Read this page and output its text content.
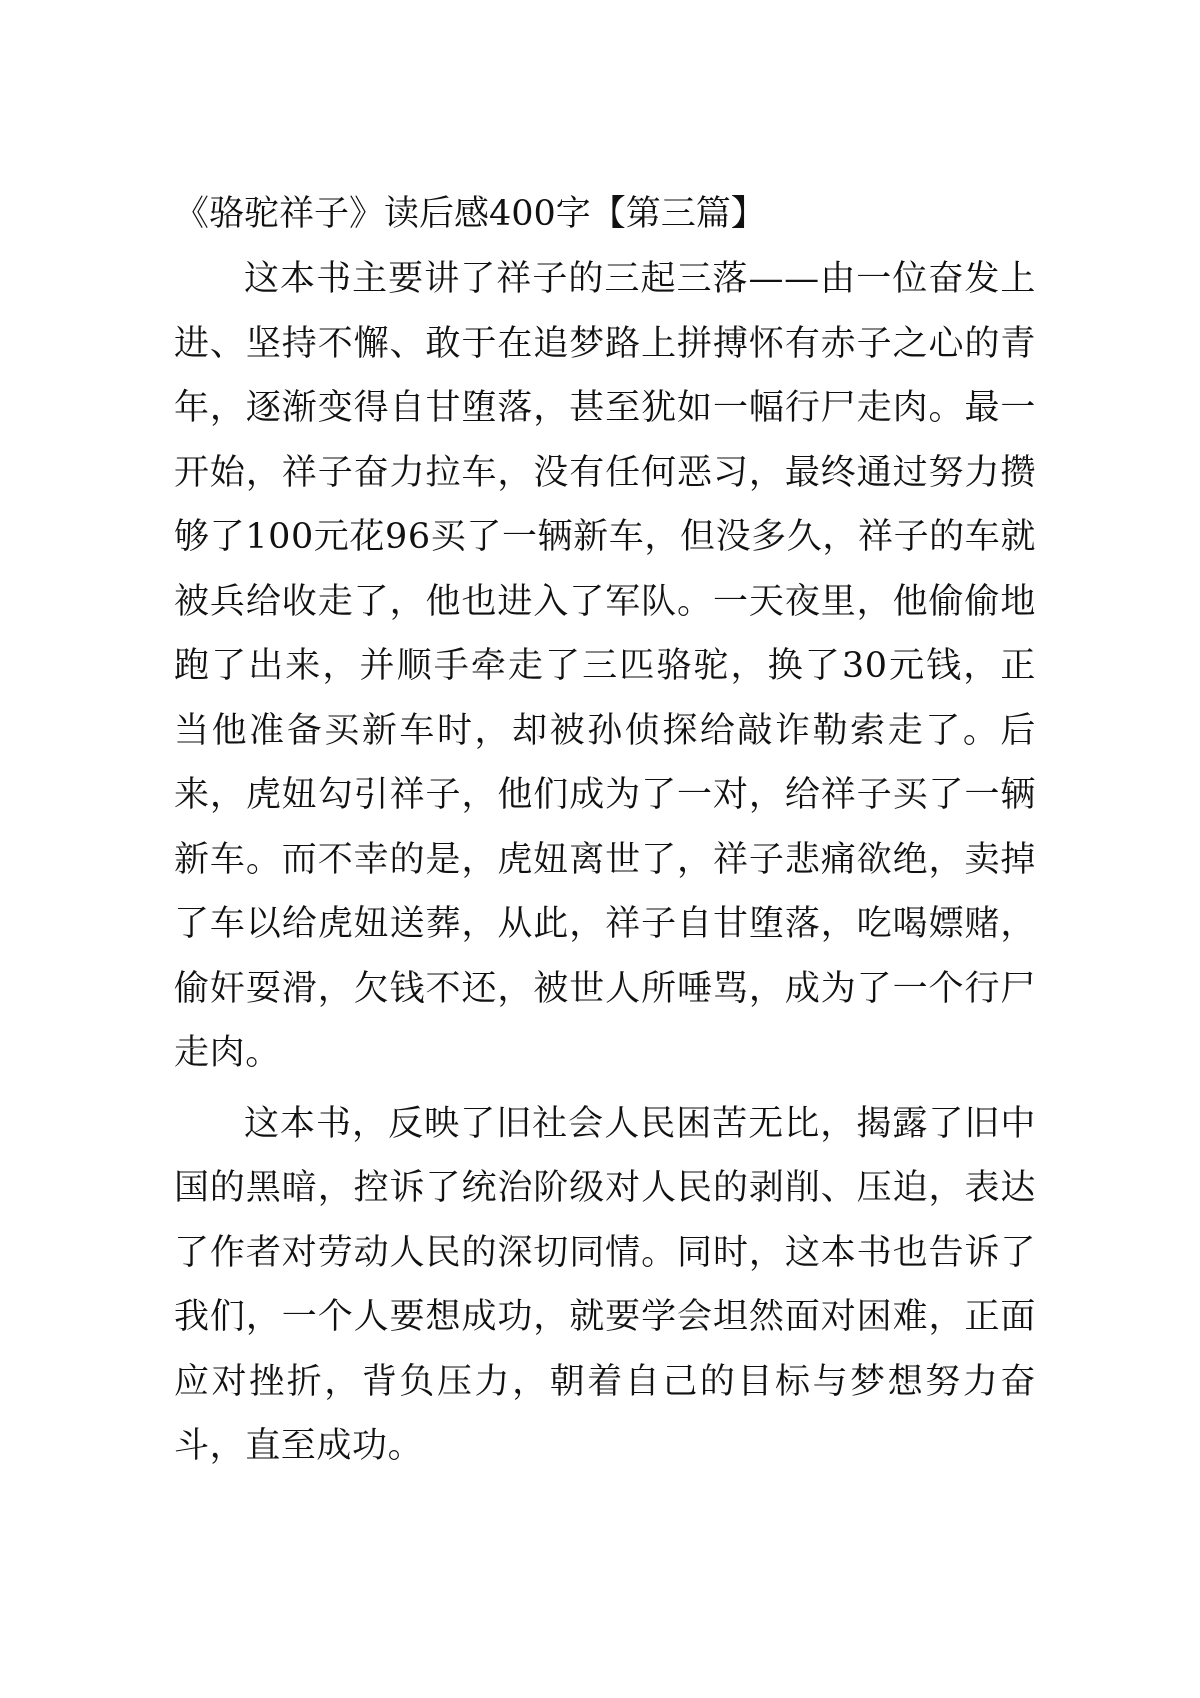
《骆驼祥子》读后感400字【第三篇】

这本书主要讲了祥子的三起三落——由一位奋发上进、坚持不懈、敢于在追梦路上拼搏怀有赤子之心的青年，逐渐变得自甘堕落，甚至犹如一幅行尸走肉。最一开始，祥子奋力拉车，没有任何恶习，最终通过努力攒够了100元花96买了一辆新车，但没多久，祥子的车就被兵给收走了，他也进入了军队。一天夜里，他偷偷地跑了出来，并顺手牵走了三匹骆驼，换了30元钱，正当他准备买新车时，却被孙侦探给敲诈勒索走了。后来，虎妞勾引祥子，他们成为了一对，给祥子买了一辆新车。而不幸的是，虎妞离世了，祥子悲痛欲绝，卖掉了车以给虎妞送葬，从此，祥子自甘堕落，吃喝嫖赌，偷奸耍滑，欠钱不还，被世人所唾骂，成为了一个行尸走肉。

这本书，反映了旧社会人民困苦无比，揭露了旧中国的黑暗，控诉了统治阶级对人民的剥削、压迫，表达了作者对劳动人民的深切同情。同时，这本书也告诉了我们，一个人要想成功，就要学会坦然面对困难，正面应对挫折，背负压力，朝着自己的目标与梦想努力奋斗，直至成功。
